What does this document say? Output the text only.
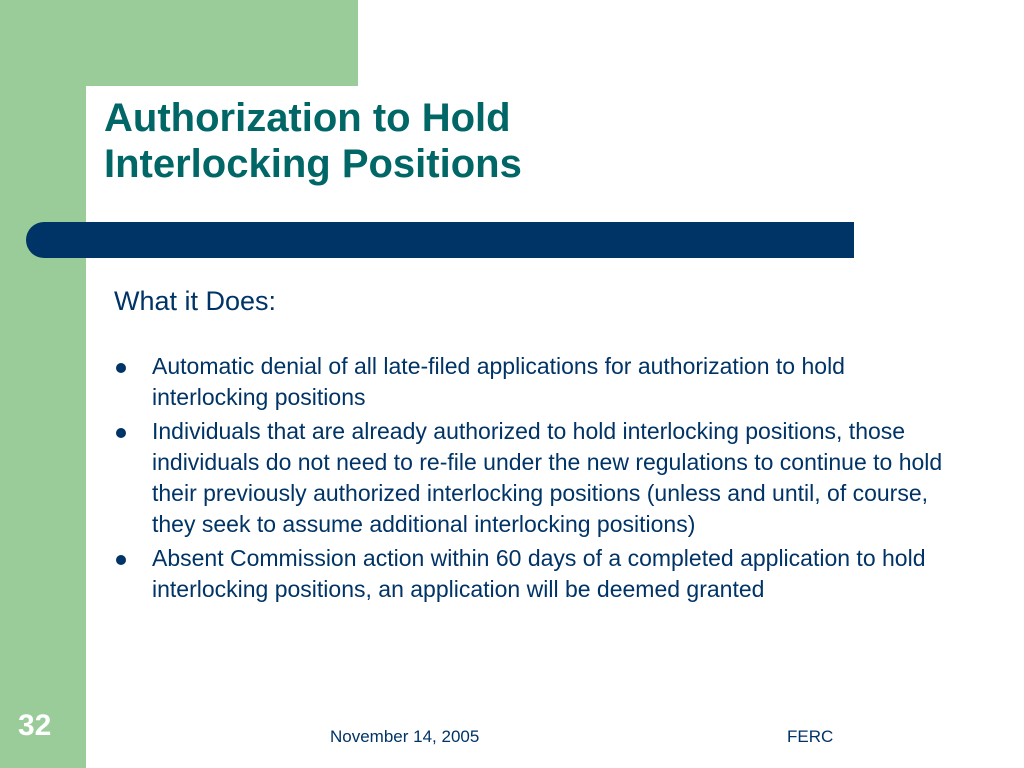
Authorization to Hold
Interlocking Positions

What it Does:

Automatic denial of all late-filed applications for authorization to hold interlocking positions
Individuals that are already authorized to hold interlocking positions, those individuals do not need to re-file under the new regulations to continue to hold their previously authorized interlocking positions (unless and until, of course, they seek to assume additional interlocking positions)
Absent Commission action within 60 days of a completed application to hold interlocking positions, an application will be deemed granted
32	November 14, 2005	FERC
